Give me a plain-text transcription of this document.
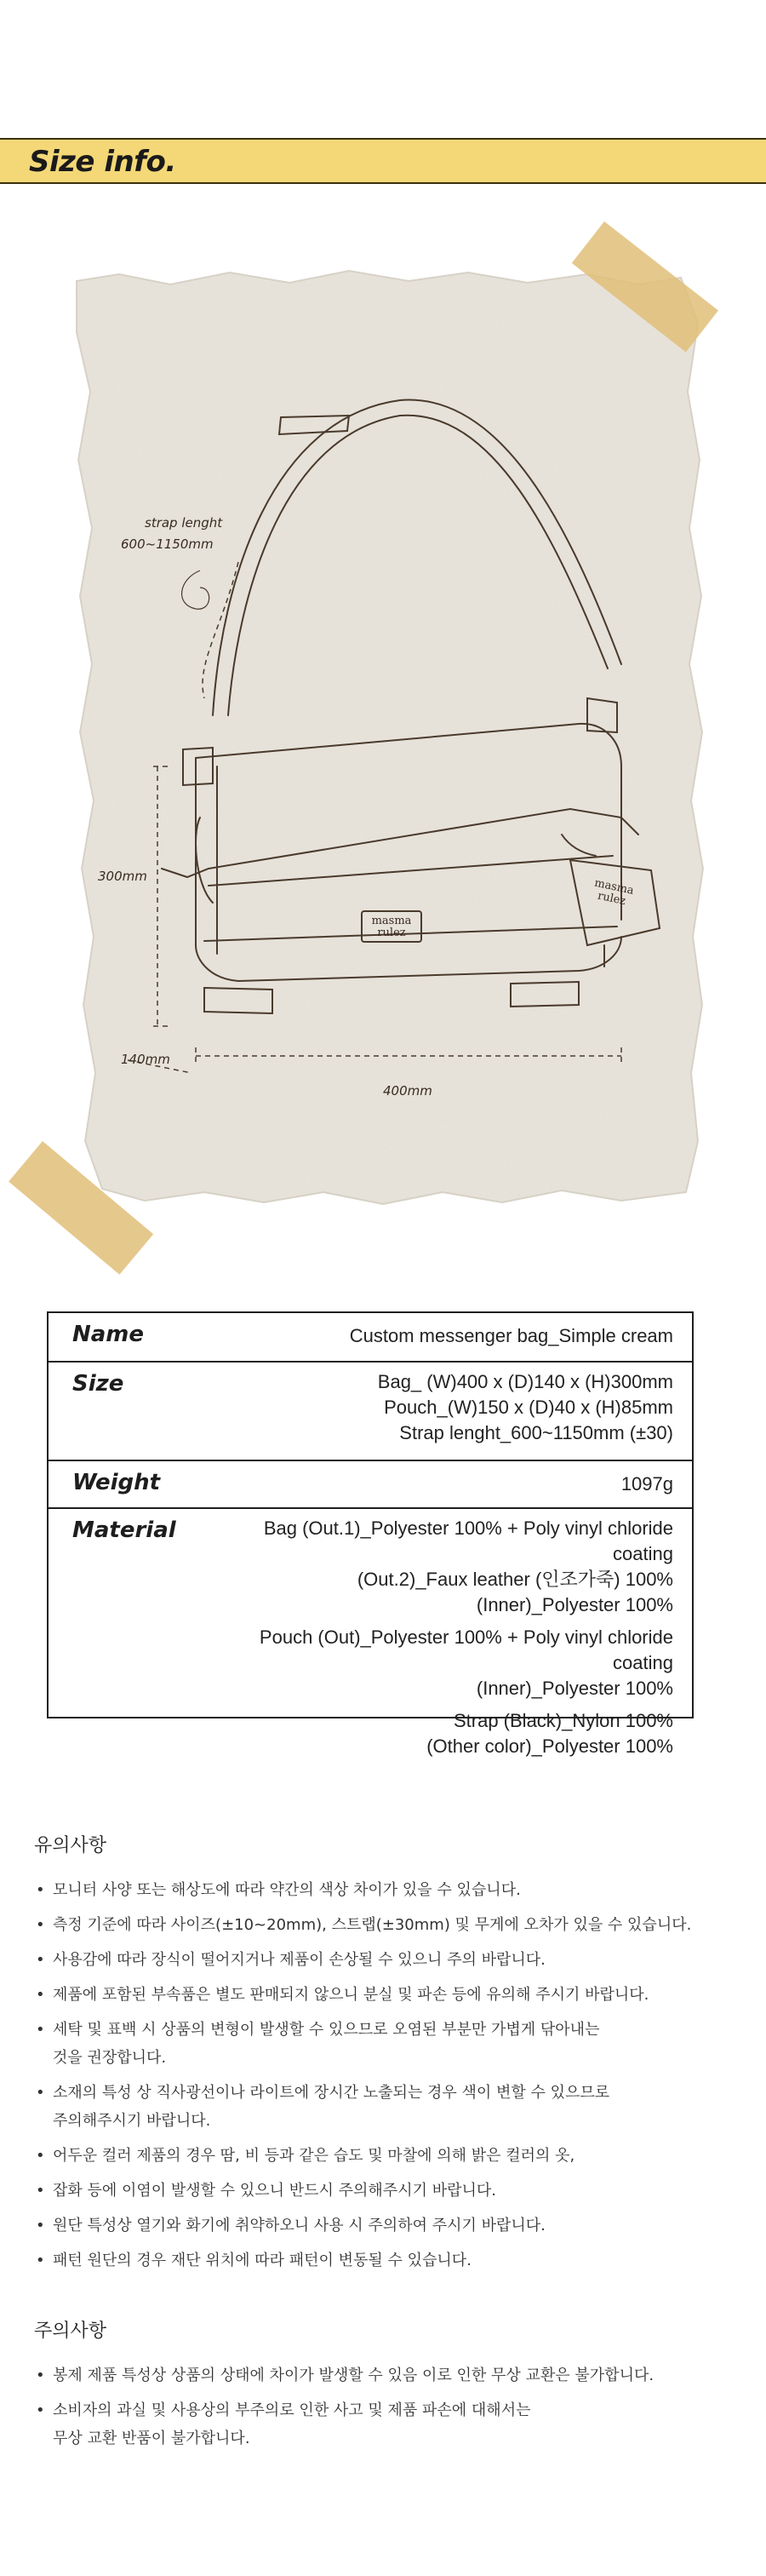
Size info.
strap lenght
600~1150mm
300mm
140mm
400mm
masma
rulez
masma
rulez
Name	Custom messenger bag_Simple cream
Size	Bag_ (W)400 x (D)140 x (H)300mm
Pouch_(W)150 x (D)40 x (H)85mm
Strap lenght_600~1150mm (±30)
Weight	1097g
Material	Bag (Out.1)_Polyester 100% + Poly vinyl chloride coating
(Out.2)_Faux leather (인조가죽) 100%
(Inner)_Polyester 100%
Pouch (Out)_Polyester 100% + Poly vinyl chloride coating
(Inner)_Polyester 100%
Strap (Black)_Nylon 100%
(Other color)_Polyester 100%
유의사항
• 모니터 사양 또는 해상도에 따라 약간의 색상 차이가 있을 수 있습니다.
• 측정 기준에 따라 사이즈(±10~20mm), 스트랩(±30mm) 및 무게에 오차가 있을 수 있습니다.
• 사용감에 따라 장식이 떨어지거나 제품이 손상될 수 있으니 주의 바랍니다.
• 제품에 포함된 부속품은 별도 판매되지 않으니 분실 및 파손 등에 유의해 주시기 바랍니다.
• 세탁 및 표백 시 상품의 변형이 발생할 수 있으므로 오염된 부분만 가볍게 닦아내는
것을 권장합니다.
• 소재의 특성 상 직사광선이나 라이트에 장시간 노출되는 경우 색이 변할 수 있으므로
주의해주시기 바랍니다.
• 어두운 컬러 제품의 경우 땀, 비 등과 같은 습도 및 마찰에 의해 밝은 컬러의 옷,
• 잡화 등에 이염이 발생할 수 있으니 반드시 주의해주시기 바랍니다.
• 원단 특성상 열기와 화기에 취약하오니 사용 시 주의하여 주시기 바랍니다.
• 패턴 원단의 경우 재단 위치에 따라 패턴이 변동될 수 있습니다.
주의사항
• 봉제 제품 특성상 상품의 상태에 차이가 발생할 수 있음 이로 인한 무상 교환은 불가합니다.
• 소비자의 과실 및 사용상의 부주의로 인한 사고 및 제품 파손에 대해서는
무상 교환 반품이 불가합니다.
